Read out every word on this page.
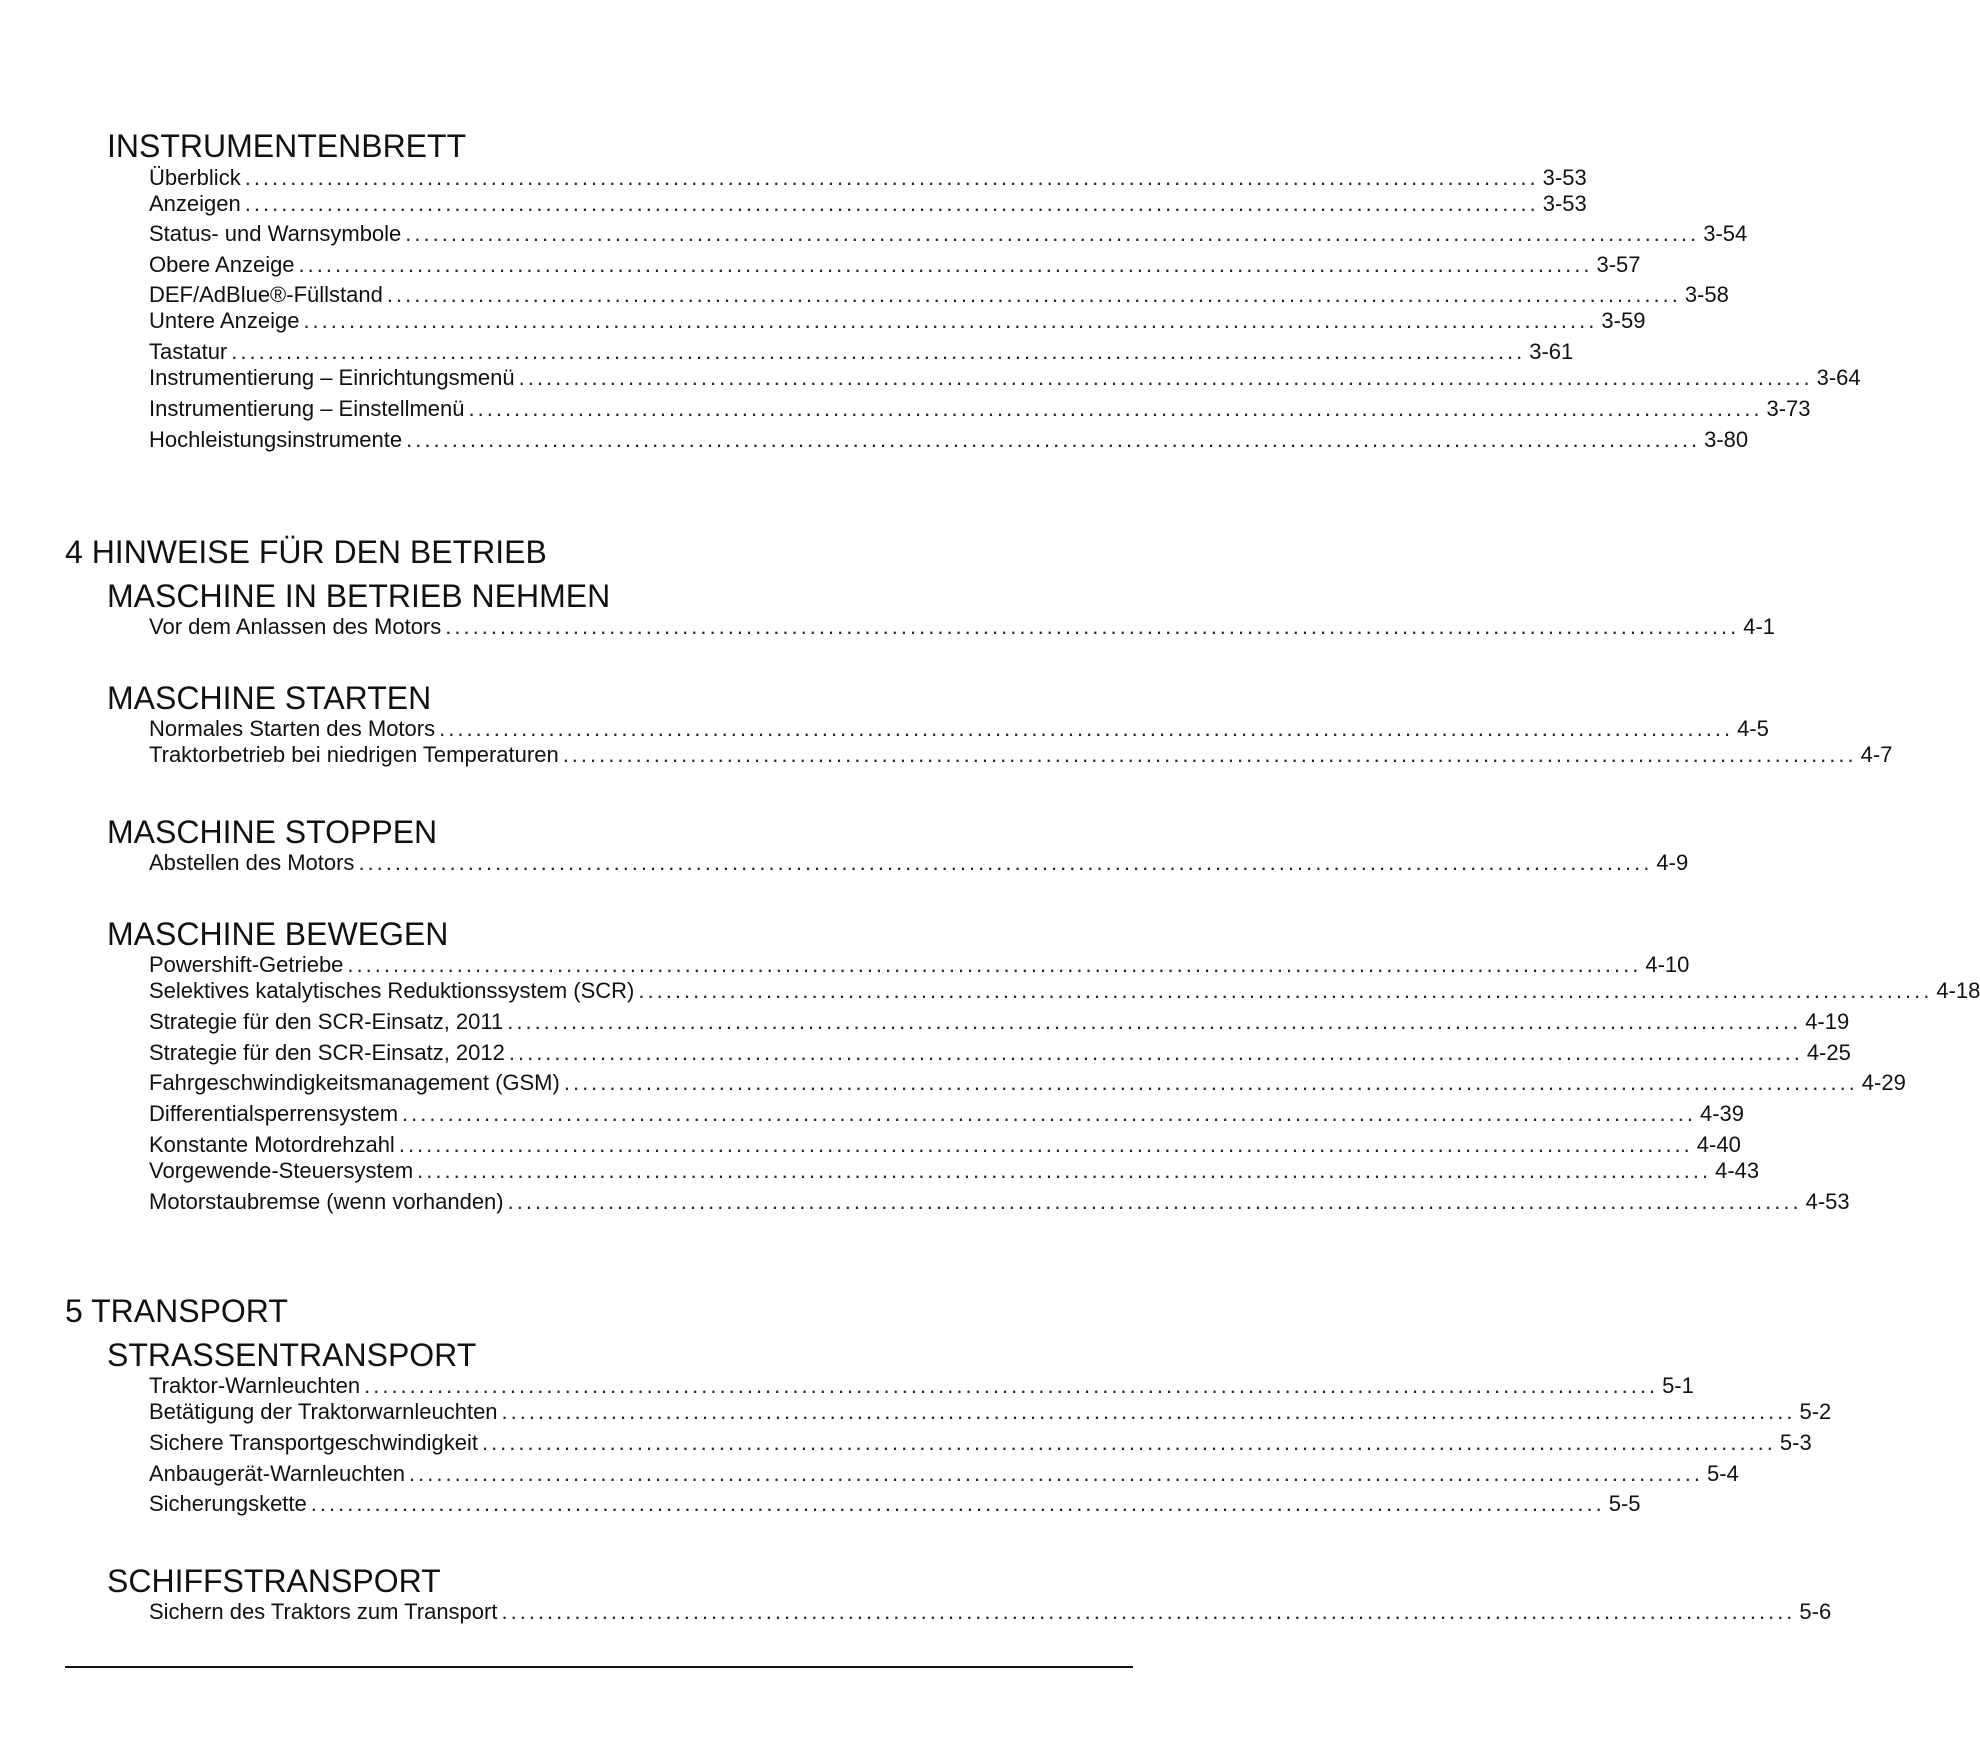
INSTRUMENTENBRETT
Überblick .............................................................................................................................................. 3-53
Anzeigen .............................................................................................................................................. 3-53
Status- und Warnsymbole .............................................................................................................................................. 3-54
Obere Anzeige .............................................................................................................................................. 3-57
DEF/AdBlue®-Füllstand .............................................................................................................................................. 3-58
Untere Anzeige .............................................................................................................................................. 3-59
Tastatur .............................................................................................................................................. 3-61
Instrumentierung – Einrichtungsmenü .............................................................................................................................................. 3-64
Instrumentierung – Einstellmenü .............................................................................................................................................. 3-73
Hochleistungsinstrumente .............................................................................................................................................. 3-80
4 HINWEISE FÜR DEN BETRIEB
MASCHINE IN BETRIEB NEHMEN
Vor dem Anlassen des Motors .............................................................................................................................................. 4-1
MASCHINE STARTEN
Normales Starten des Motors .............................................................................................................................................. 4-5
Traktorbetrieb bei niedrigen Temperaturen .............................................................................................................................................. 4-7
MASCHINE STOPPEN
Abstellen des Motors .............................................................................................................................................. 4-9
MASCHINE BEWEGEN
Powershift-Getriebe .............................................................................................................................................. 4-10
Selektives katalytisches Reduktionssystem (SCR) .............................................................................................................................................. 4-18
Strategie für den SCR-Einsatz, 2011 .............................................................................................................................................. 4-19
Strategie für den SCR-Einsatz, 2012 .............................................................................................................................................. 4-25
Fahrgeschwindigkeitsmanagement (GSM) .............................................................................................................................................. 4-29
Differentialsperrensystem .............................................................................................................................................. 4-39
Konstante Motordrehzahl .............................................................................................................................................. 4-40
Vorgewende-Steuersystem .............................................................................................................................................. 4-43
Motorstaubremse (wenn vorhanden) .............................................................................................................................................. 4-53
5 TRANSPORT
STRASSENTRANSPORT
Traktor-Warnleuchten .............................................................................................................................................. 5-1
Betätigung der Traktorwarnleuchten .............................................................................................................................................. 5-2
Sichere Transportgeschwindigkeit .............................................................................................................................................. 5-3
Anbaugerät-Warnleuchten .............................................................................................................................................. 5-4
Sicherungskette .............................................................................................................................................. 5-5
SCHIFFSTRANSPORT
Sichern des Traktors zum Transport .............................................................................................................................................. 5-6
